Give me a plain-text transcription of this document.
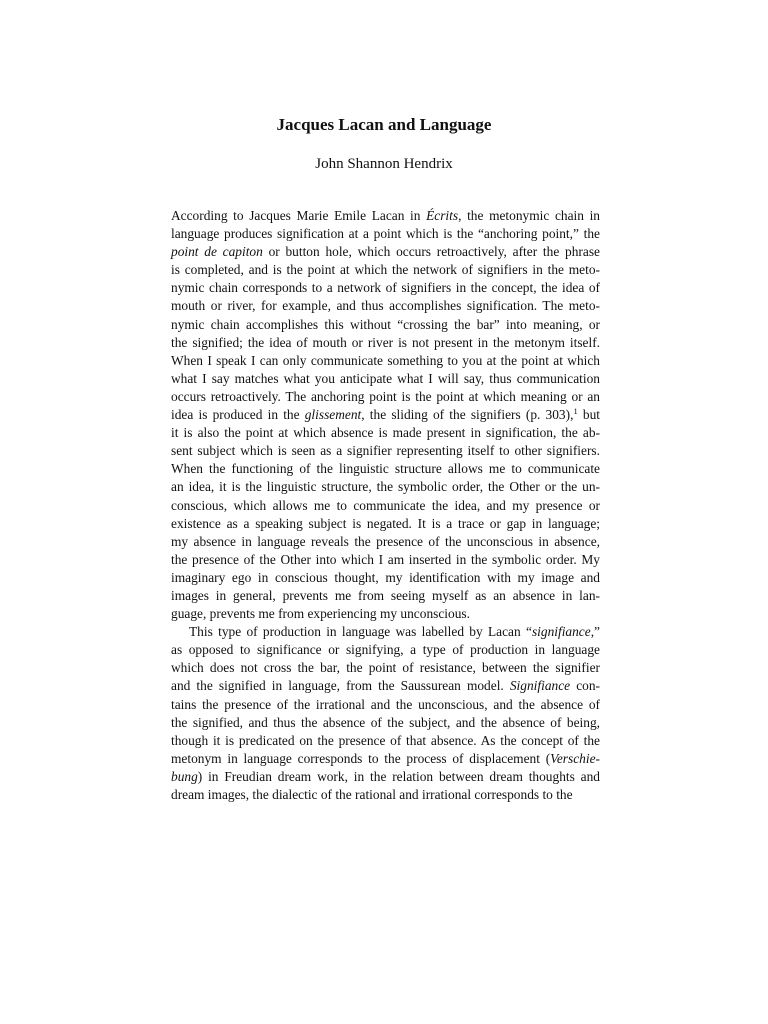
Jacques Lacan and Language
John Shannon Hendrix
According to Jacques Marie Emile Lacan in Écrits, the metonymic chain in
language produces signification at a point which is the “anchoring point,” the
point de capiton or button hole, which occurs retroactively, after the phrase
is completed, and is the point at which the network of signifiers in the meto-
nymic chain corresponds to a network of signifiers in the concept, the idea of
mouth or river, for example, and thus accomplishes signification. The meto-
nymic chain accomplishes this without “crossing the bar” into meaning, or
the signified; the idea of mouth or river is not present in the metonym itself.
When I speak I can only communicate something to you at the point at which
what I say matches what you anticipate what I will say, thus communication
occurs retroactively. The anchoring point is the point at which meaning or an
idea is produced in the glissement, the sliding of the signifiers (p. 303),$^1$ but
it is also the point at which absence is made present in signification, the ab-
sent subject which is seen as a signifier representing itself to other signifiers.
When the functioning of the linguistic structure allows me to communicate
an idea, it is the linguistic structure, the symbolic order, the Other or the un-
conscious, which allows me to communicate the idea, and my presence or
existence as a speaking subject is negated. It is a trace or gap in language;
my absence in language reveals the presence of the unconscious in absence,
the presence of the Other into which I am inserted in the symbolic order. My
imaginary ego in conscious thought, my identification with my image and
images in general, prevents me from seeing myself as an absence in lan-
guage, prevents me from experiencing my unconscious.
This type of production in language was labelled by Lacan “signifiance,”
as opposed to significance or signifying, a type of production in language
which does not cross the bar, the point of resistance, between the signifier
and the signified in language, from the Saussurean model. Signifiance con-
tains the presence of the irrational and the unconscious, and the absence of
the signified, and thus the absence of the subject, and the absence of being,
though it is predicated on the presence of that absence. As the concept of the
metonym in language corresponds to the process of displacement (Verschie-
bung) in Freudian dream work, in the relation between dream thoughts and
dream images, the dialectic of the rational and irrational corresponds to the
